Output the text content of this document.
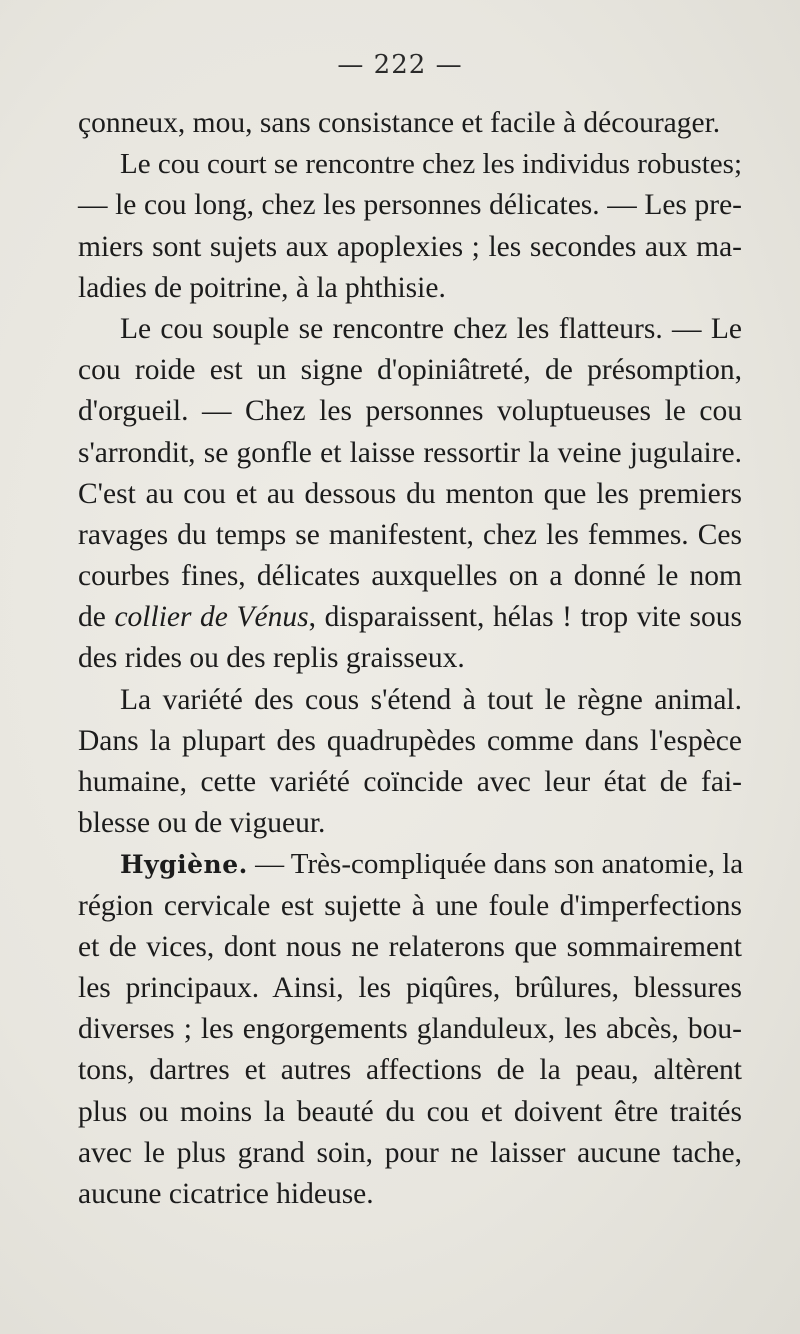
— 222 —
çonneux, mou, sans consistance et facile à décourager.
Le cou court se rencontre chez les individus robustes;
— le cou long, chez les personnes délicates. — Les pre-
miers sont sujets aux apoplexies ; les secondes aux ma-
ladies de poitrine, à la phthisie.
Le cou souple se rencontre chez les flatteurs. — Le
cou roide est un signe d'opiniâtreté, de présomption,
d'orgueil. — Chez les personnes voluptueuses le cou
s'arrondit, se gonfle et laisse ressortir la veine jugulaire.
C'est au cou et au dessous du menton que les premiers
ravages du temps se manifestent, chez les femmes. Ces
courbes fines, délicates auxquelles on a donné le nom
de collier de Vénus, disparaissent, hélas ! trop vite sous
des rides ou des replis graisseux.
La variété des cous s'étend à tout le règne animal.
Dans la plupart des quadrupèdes comme dans l'espèce
humaine, cette variété coïncide avec leur état de fai-
blesse ou de vigueur.
Hygiène. — Très-compliquée dans son anatomie, la
région cervicale est sujette à une foule d'imperfections
et de vices, dont nous ne relaterons que sommairement
les principaux. Ainsi, les piqûres, brûlures, blessures
diverses ; les engorgements glanduleux, les abcès, bou-
tons, dartres et autres affections de la peau, altèrent
plus ou moins la beauté du cou et doivent être traités
avec le plus grand soin, pour ne laisser aucune tache,
aucune cicatrice hideuse.
